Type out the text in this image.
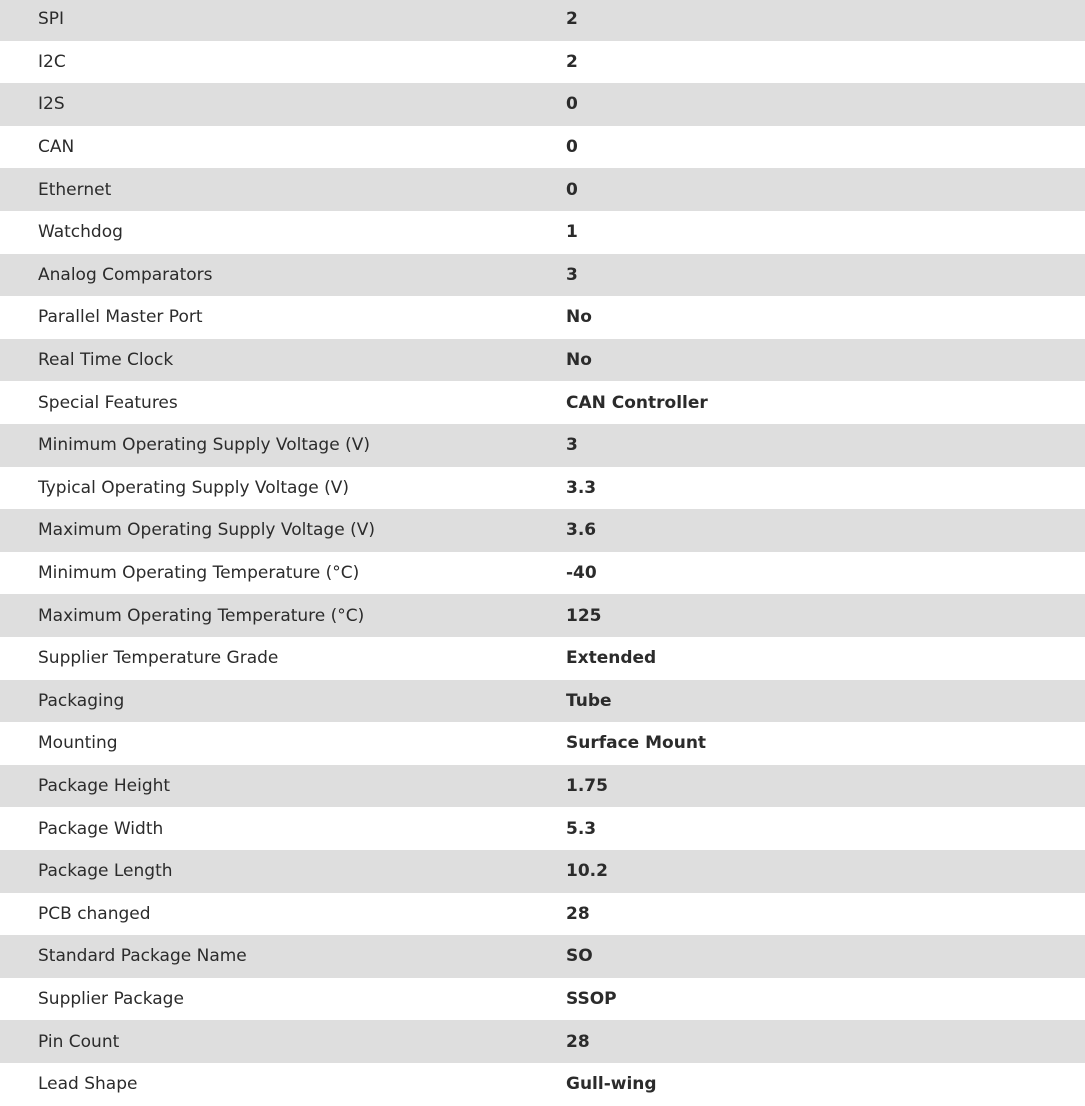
SPI	2
I2C	2
I2S	0
CAN	0
Ethernet	0
Watchdog	1
Analog Comparators	3
Parallel Master Port	No
Real Time Clock	No
Special Features	CAN Controller
Minimum Operating Supply Voltage (V)	3
Typical Operating Supply Voltage (V)	3.3
Maximum Operating Supply Voltage (V)	3.6
Minimum Operating Temperature (°C)	-40
Maximum Operating Temperature (°C)	125
Supplier Temperature Grade	Extended
Packaging	Tube
Mounting	Surface Mount
Package Height	1.75
Package Width	5.3
Package Length	10.2
PCB changed	28
Standard Package Name	SO
Supplier Package	SSOP
Pin Count	28
Lead Shape	Gull-wing
